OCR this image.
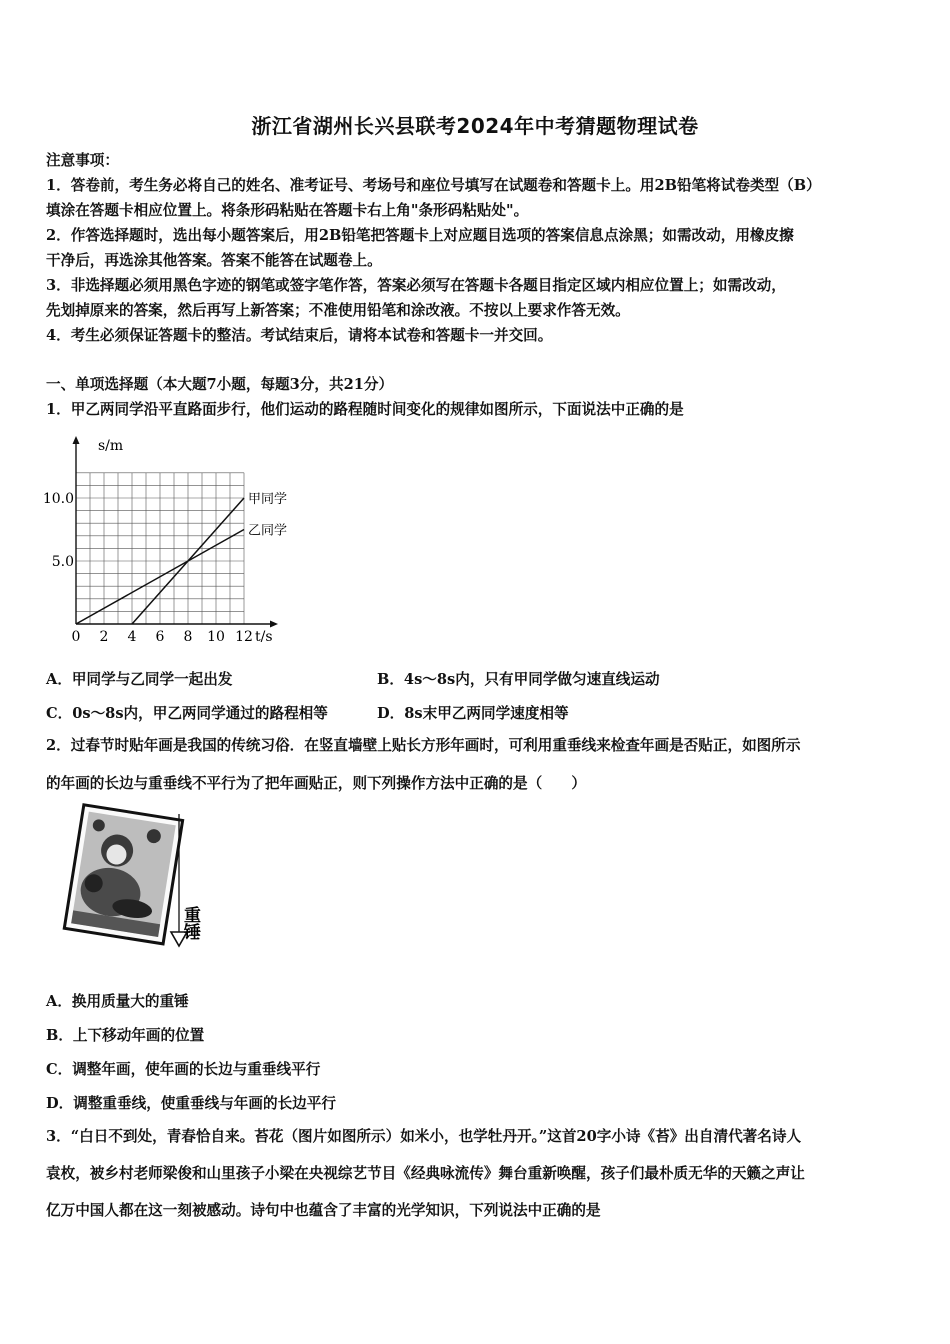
浙江省湖州长兴县联考2024年中考猜题物理试卷
注意事项：
1．答卷前，考生务必将自己的姓名、准考证号、考场号和座位号填写在试题卷和答题卡上。用2B铅笔将试卷类型（B）
填涂在答题卡相应位置上。将条形码粘贴在答题卡右上角"条形码粘贴处"。
2．作答选择题时，选出每小题答案后，用2B铅笔把答题卡上对应题目选项的答案信息点涂黑；如需改动，用橡皮擦
干净后，再选涂其他答案。答案不能答在试题卷上。
3．非选择题必须用黑色字迹的钢笔或签字笔作答，答案必须写在答题卡各题目指定区域内相应位置上；如需改动，
先划掉原来的答案，然后再写上新答案；不准使用铅笔和涂改液。不按以上要求作答无效。
4．考生必须保证答题卡的整洁。考试结束后，请将本试卷和答题卡一并交回。
一、单项选择题（本大题7小题，每题3分，共21分）
1．甲乙两同学沿平直路面步行，他们运动的路程随时间变化的规律如图所示，下面说法中正确的是
s/m
t/s
0 2 4 6 8 10 12
5.0
10.0	甲同学
乙同学
A．甲同学与乙同学一起出发	B．4s～8s内，只有甲同学做匀速直线运动
C．0s～8s内，甲乙两同学通过的路程相等	D．8s末甲乙两同学速度相等
2．过春节时贴年画是我国的传统习俗．在竖直墙壁上贴长方形年画时，可利用重垂线来检查年画是否贴正，如图所示
的年画的长边与重垂线不平行为了把年画贴正，则下列操作方法中正确的是（　　）
重锤
A．换用质量大的重锤
B．上下移动年画的位置
C．调整年画，使年画的长边与重垂线平行
D．调整重垂线，使重垂线与年画的长边平行
3．“白日不到处，青春恰自来。苔花（图片如图所示）如米小，也学牡丹开。”这首20字小诗《苔》出自清代著名诗人
袁枚，被乡村老师梁俊和山里孩子小梁在央视综艺节目《经典咏流传》舞台重新唤醒，孩子们最朴质无华的天籁之声让
亿万中国人都在这一刻被感动。诗句中也蕴含了丰富的光学知识，下列说法中正确的是
